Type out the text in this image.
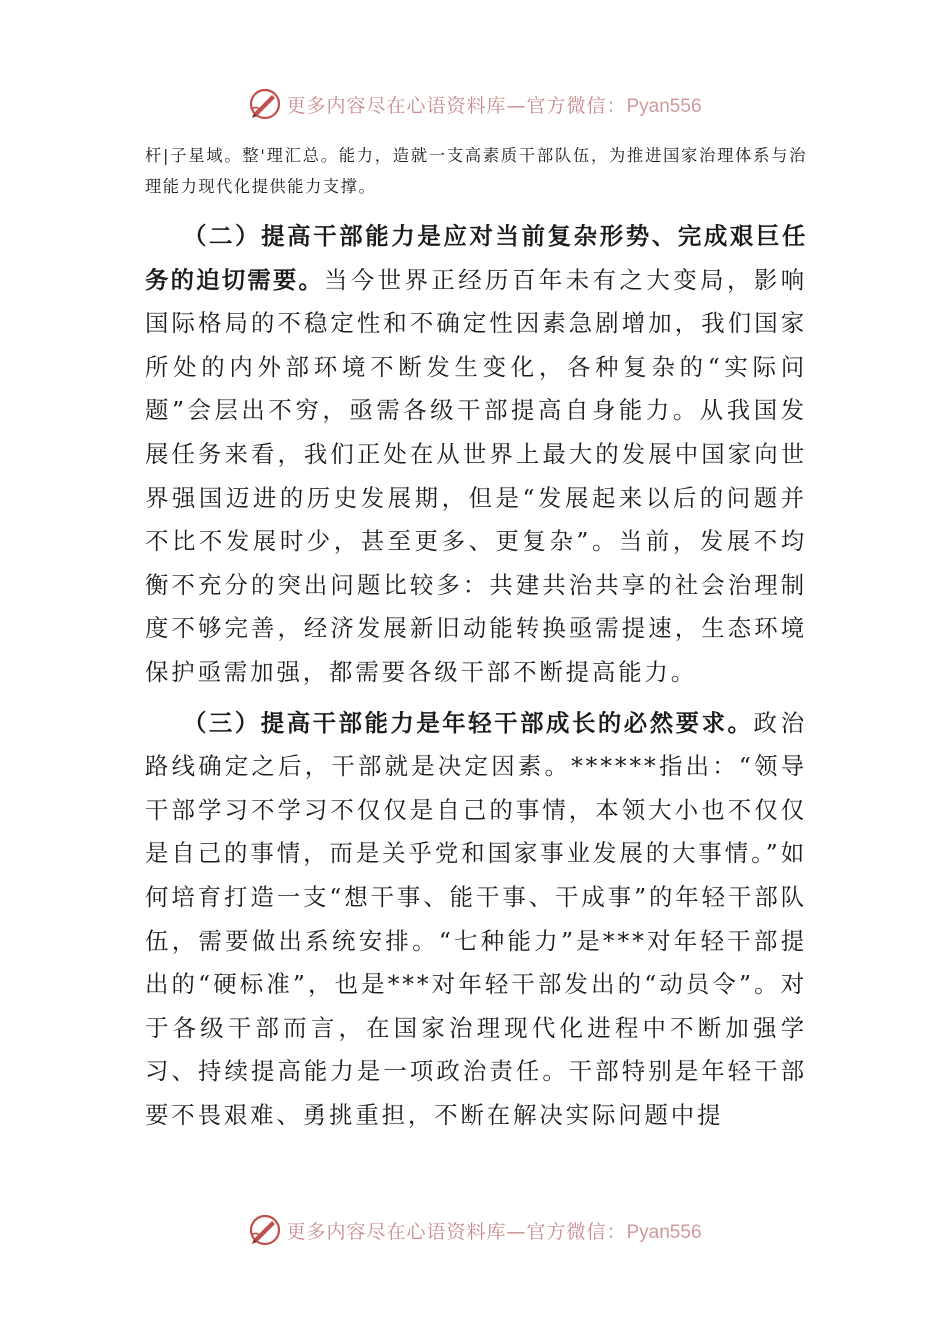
更多内容尽在心语资料库—官方微信：Pyan556

杆|子星域。整'理汇总。能力，造就一支高素质干部队伍，为推进国家治理体系与治理能力现代化提供能力支撑。

（二）提高干部能力是应对当前复杂形势、完成艰巨任务的迫切需要。当今世界正经历百年未有之大变局，影响国际格局的不稳定性和不确定性因素急剧增加，我们国家所处的内外部环境不断发生变化，各种复杂的“实际问题”会层出不穷，亟需各级干部提高自身能力。从我国发展任务来看，我们正处在从世界上最大的发展中国家向世界强国迈进的历史发展期，但是“发展起来以后的问题并不比不发展时少，甚至更多、更复杂”。当前，发展不均衡不充分的突出问题比较多：共建共治共享的社会治理制度不够完善，经济发展新旧动能转换亟需提速，生态环境保护亟需加强，都需要各级干部不断提高能力。

（三）提高干部能力是年轻干部成长的必然要求。政治路线确定之后，干部就是决定因素。******指出：“领导干部学习不学习不仅仅是自己的事情，本领大小也不仅仅是自己的事情，而是关乎党和国家事业发展的大事情。”如何培育打造一支“想干事、能干事、干成事”的年轻干部队伍，需要做出系统安排。“七种能力”是***对年轻干部提出的“硬标准”，也是***对年轻干部发出的“动员令”。对于各级干部而言，在国家治理现代化进程中不断加强学习、持续提高能力是一项政治责任。干部特别是年轻干部要不畏艰难、勇挑重担，不断在解决实际问题中提

更多内容尽在心语资料库—官方微信：Pyan556
